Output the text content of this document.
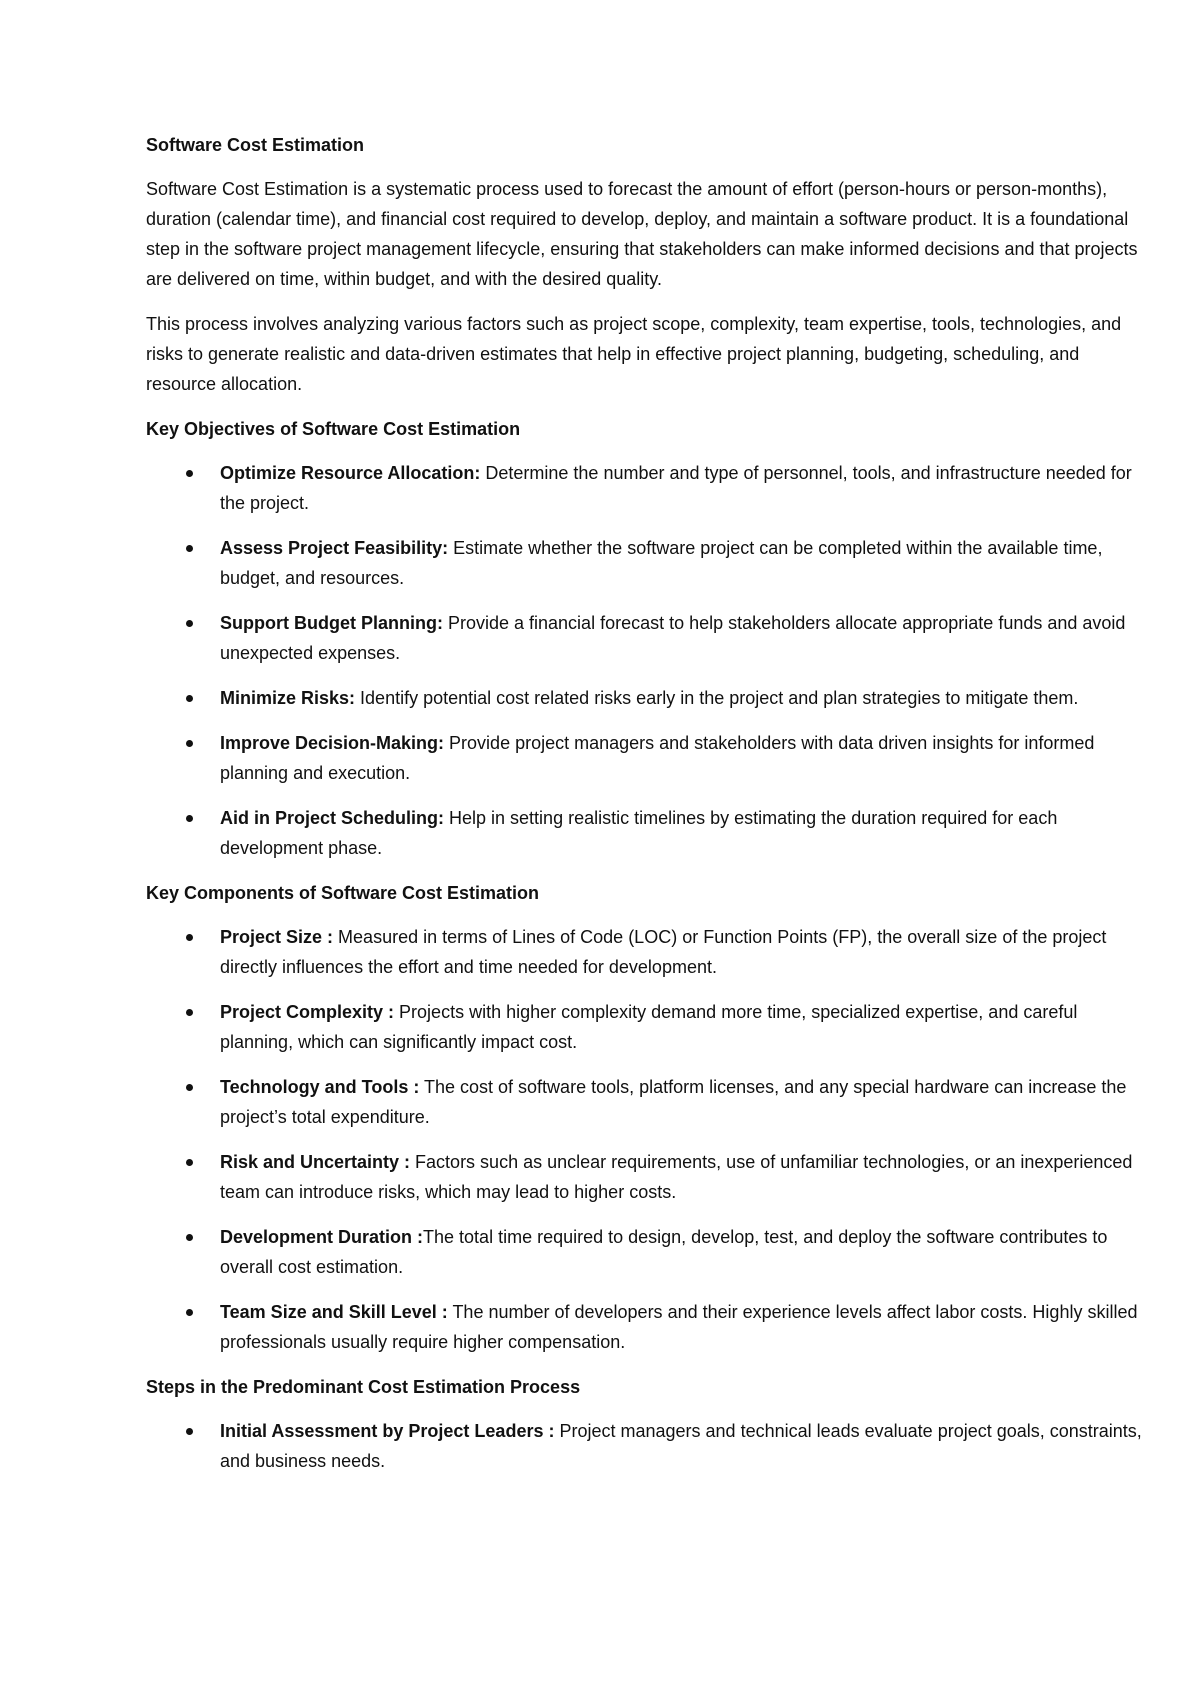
Software Cost Estimation

Software Cost Estimation is a systematic process used to forecast the amount of effort (person-hours or person-months), duration (calendar time), and financial cost required to develop, deploy, and maintain a software product. It is a foundational step in the software project management lifecycle, ensuring that stakeholders can make informed decisions and that projects are delivered on time, within budget, and with the desired quality.

This process involves analyzing various factors such as project scope, complexity, team expertise, tools, technologies, and risks to generate realistic and data-driven estimates that help in effective project planning, budgeting, scheduling, and resource allocation.

Key Objectives of Software Cost Estimation

Optimize Resource Allocation: Determine the number and type of personnel, tools, and infrastructure needed for the project.
Assess Project Feasibility: Estimate whether the software project can be completed within the available time, budget, and resources.
Support Budget Planning: Provide a financial forecast to help stakeholders allocate appropriate funds and avoid unexpected expenses.
Minimize Risks: Identify potential cost related risks early in the project and plan strategies to mitigate them.
Improve Decision-Making: Provide project managers and stakeholders with data driven insights for informed planning and execution.
Aid in Project Scheduling: Help in setting realistic timelines by estimating the duration required for each development phase.

Key Components of Software Cost Estimation

Project Size : Measured in terms of Lines of Code (LOC) or Function Points (FP), the overall size of the project directly influences the effort and time needed for development.
Project Complexity : Projects with higher complexity demand more time, specialized expertise, and careful planning, which can significantly impact cost.
Technology and Tools : The cost of software tools, platform licenses, and any special hardware can increase the project’s total expenditure.
Risk and Uncertainty : Factors such as unclear requirements, use of unfamiliar technologies, or an inexperienced team can introduce risks, which may lead to higher costs.
Development Duration :The total time required to design, develop, test, and deploy the software contributes to overall cost estimation.
Team Size and Skill Level : The number of developers and their experience levels affect labor costs. Highly skilled professionals usually require higher compensation.

Steps in the Predominant Cost Estimation Process

Initial Assessment by Project Leaders : Project managers and technical leads evaluate project goals, constraints, and business needs.
